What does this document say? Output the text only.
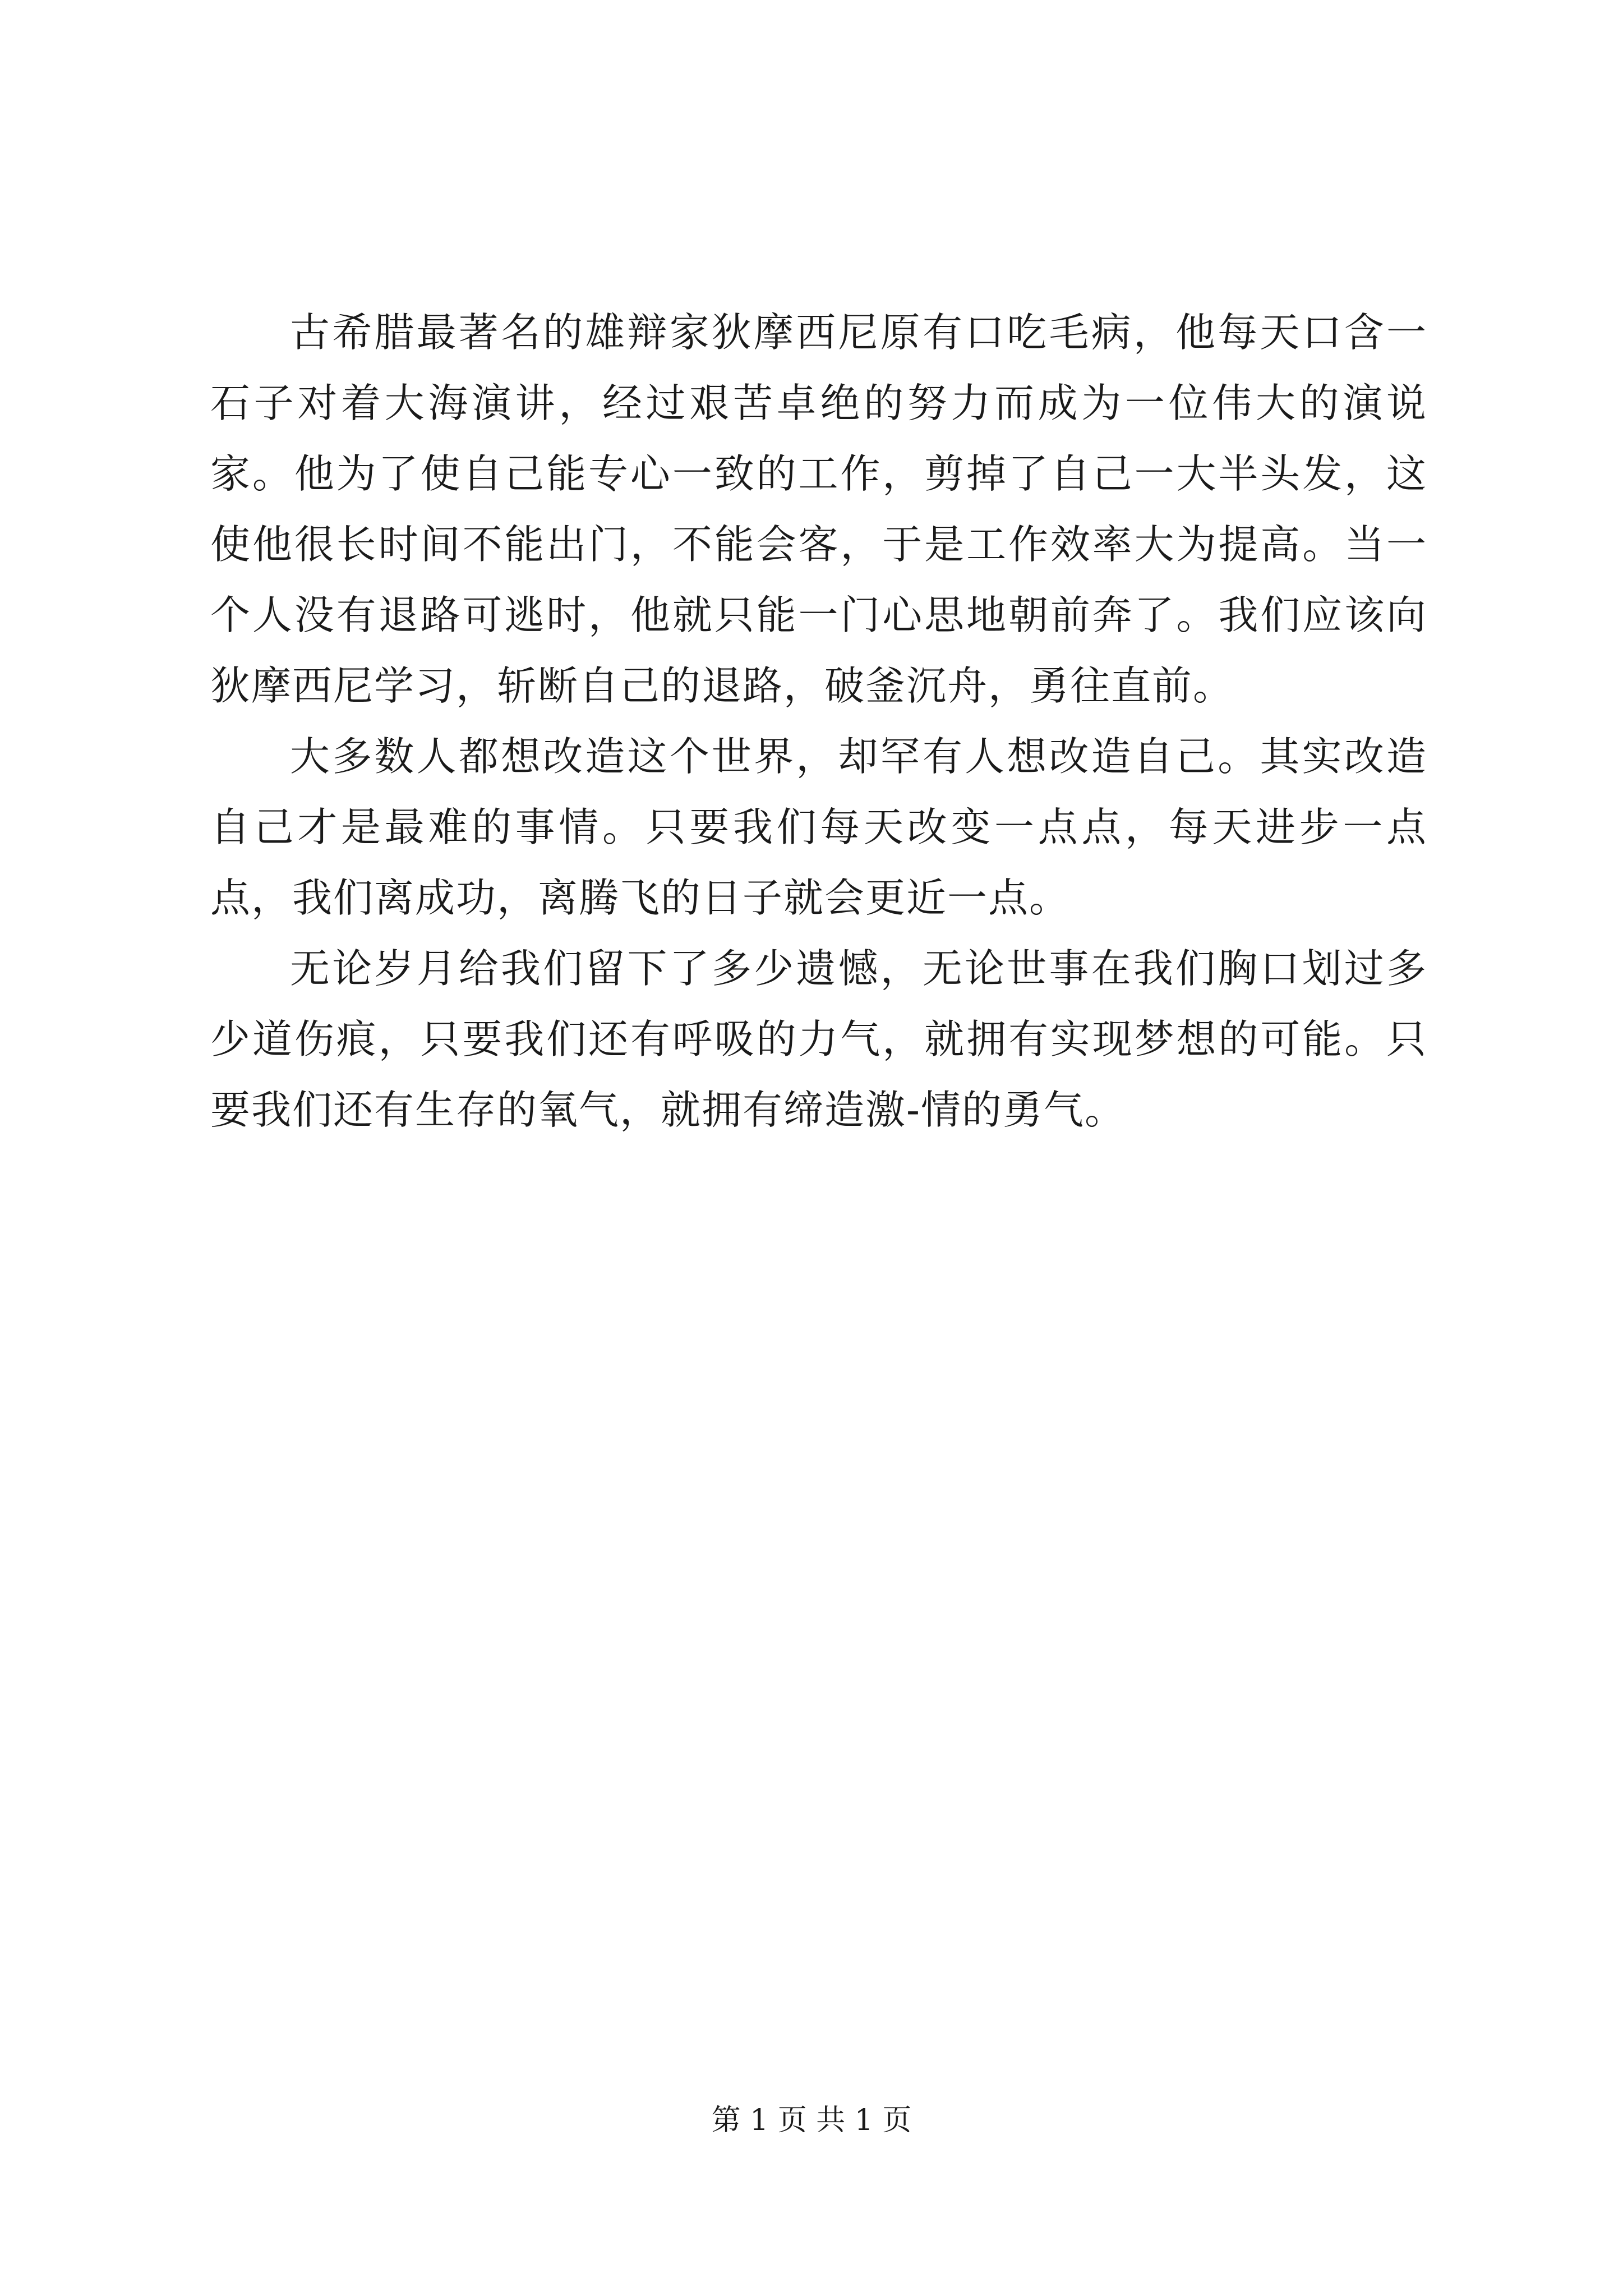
古希腊最著名的雄辩家狄摩西尼原有口吃毛病，他每天口含一石子对着大海演讲，经过艰苦卓绝的努力而成为一位伟大的演说家。他为了使自己能专心一致的工作，剪掉了自己一大半头发，这使他很长时间不能出门，不能会客，于是工作效率大为提高。当一个人没有退路可逃时，他就只能一门心思地朝前奔了。我们应该向狄摩西尼学习，斩断自己的退路，破釜沉舟，勇往直前。

大多数人都想改造这个世界，却罕有人想改造自己。其实改造自己才是最难的事情。只要我们每天改变一点点，每天进步一点点，我们离成功，离腾飞的日子就会更近一点。

无论岁月给我们留下了多少遗憾，无论世事在我们胸口划过多少道伤痕，只要我们还有呼吸的力气，就拥有实现梦想的可能。只要我们还有生存的氧气，就拥有缔造激-情的勇气。

第 1 页 共 1 页
